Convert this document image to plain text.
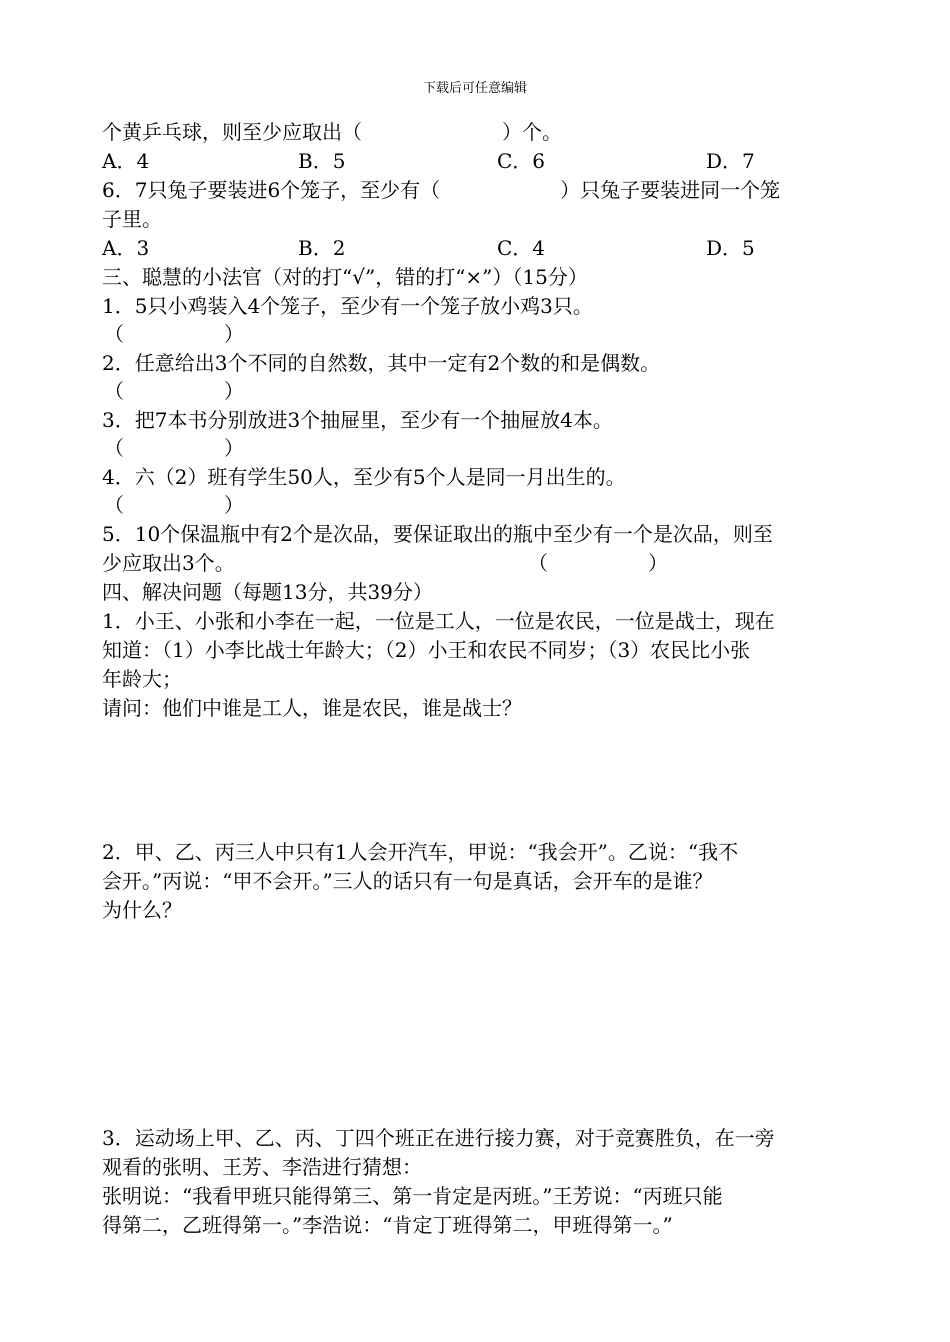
下载后可任意编辑
个黄乒乓球，则至少应取出（　　　　　　　）个。
A．4	B．5	C．6	D．7
6．7只兔子要装进6个笼子，至少有（　　　　　　）只兔子要装进同一个笼
子里。
A．3	B．2	C．4	D．5
三、聪慧的小法官（对的打“√”，错的打“×”）（15分）
1．5只小鸡装入4个笼子，至少有一个笼子放小鸡3只。
（　　　　　）
2．任意给出3个不同的自然数，其中一定有2个数的和是偶数。
（　　　　　）
3．把7本书分别放进3个抽屉里，至少有一个抽屉放4本。
（　　　　　）
4．六（2）班有学生50人，至少有5个人是同一月出生的。
（　　　　　）
5．10个保温瓶中有2个是次品，要保证取出的瓶中至少有一个是次品，则至
少应取出3个。	（　　　　　）
四、解决问题（每题13分，共39分）
1．小王、小张和小李在一起，一位是工人，一位是农民，一位是战士，现在
知道：（1）小李比战士年龄大；（2）小王和农民不同岁；（3）农民比小张
年龄大；
请问：他们中谁是工人，谁是农民，谁是战士？
2．甲、乙、丙三人中只有1人会开汽车，甲说：“我会开”。乙说：“我不
会开。”丙说：“甲不会开。”三人的话只有一句是真话，会开车的是谁？
为什么？
3．运动场上甲、乙、丙、丁四个班正在进行接力赛，对于竞赛胜负，在一旁
观看的张明、王芳、李浩进行猜想：
张明说：“我看甲班只能得第三、第一肯定是丙班。”王芳说：“丙班只能
得第二，乙班得第一。”李浩说：“肯定丁班得第二，甲班得第一。”
